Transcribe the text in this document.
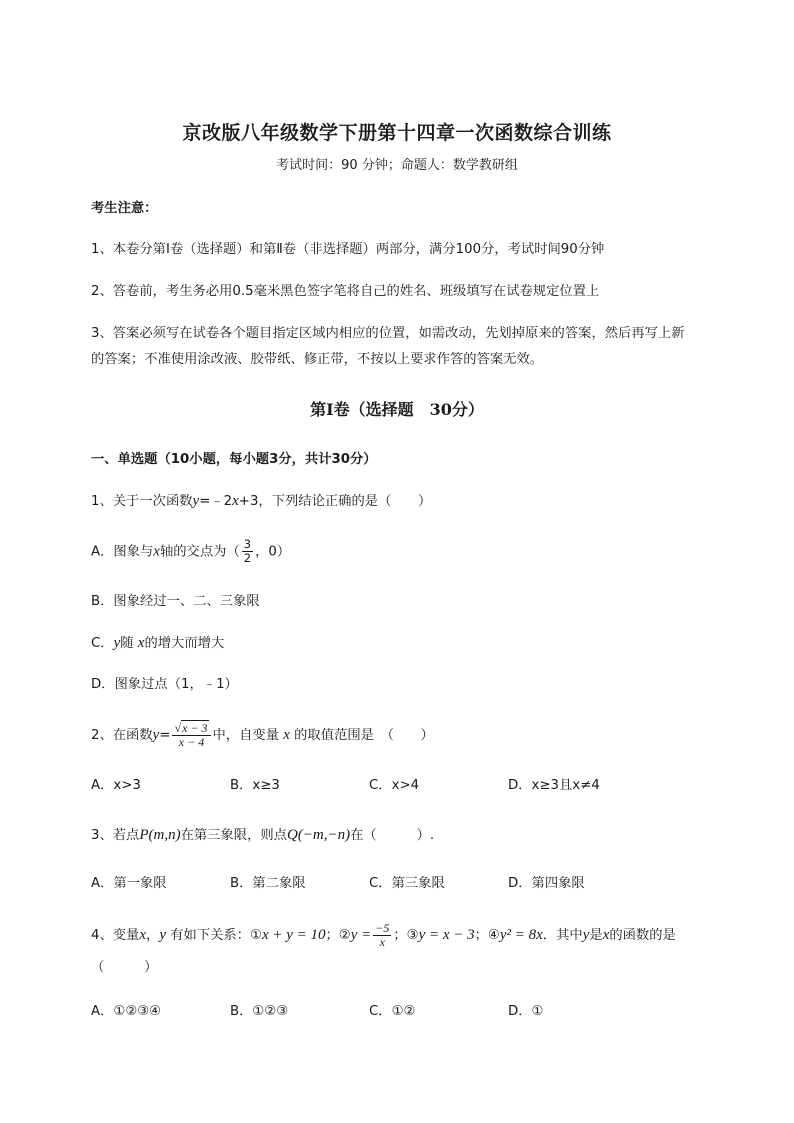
京改版八年级数学下册第十四章一次函数综合训练
考试时间：90 分钟；命题人：数学教研组
考生注意：
1、本卷分第Ⅰ卷（选择题）和第Ⅱ卷（非选择题）两部分，满分100分，考试时间90分钟
2、答卷前，考生务必用0.5毫米黑色签字笔将自己的姓名、班级填写在试卷规定位置上
3、答案必须写在试卷各个题目指定区域内相应的位置，如需改动，先划掉原来的答案，然后再写上新
的答案；不准使用涂改液、胶带纸、修正带，不按以上要求作答的答案无效。
第Ⅰ卷（选择题　30分）
一、单选题（10小题，每小题3分，共计30分）
1、关于一次函数y=﹣2x+3，下列结论正确的是（　　）
A．图象与x轴的交点为（ $\frac{3}{2}$ ，0）
B．图象经过一、二、三象限
C．y随 x的增大而增大
D．图象过点（1，﹣1）
2、在函数$y= \frac{√x - 3}{x - 4}$ 中，自变量 x 的取值范围是　（　　）
A．x>3	B．x≥3	C．x>4	D．x≥3且x≠4
3、若点P(m,n)在第三象限，则点Q(−m,−n)在（　　　）.
A．第一象限	B．第二象限	C．第三象限	D．第四象限
4、变量x，y 有如下关系：①x + y = 10；②y = $\frac{-5}{x}$ ；③y = x − 3；④y² = 8x．其中y是x的函数的是
（　　　）
A．①②③④	B．①②③	C．①②	D．①
